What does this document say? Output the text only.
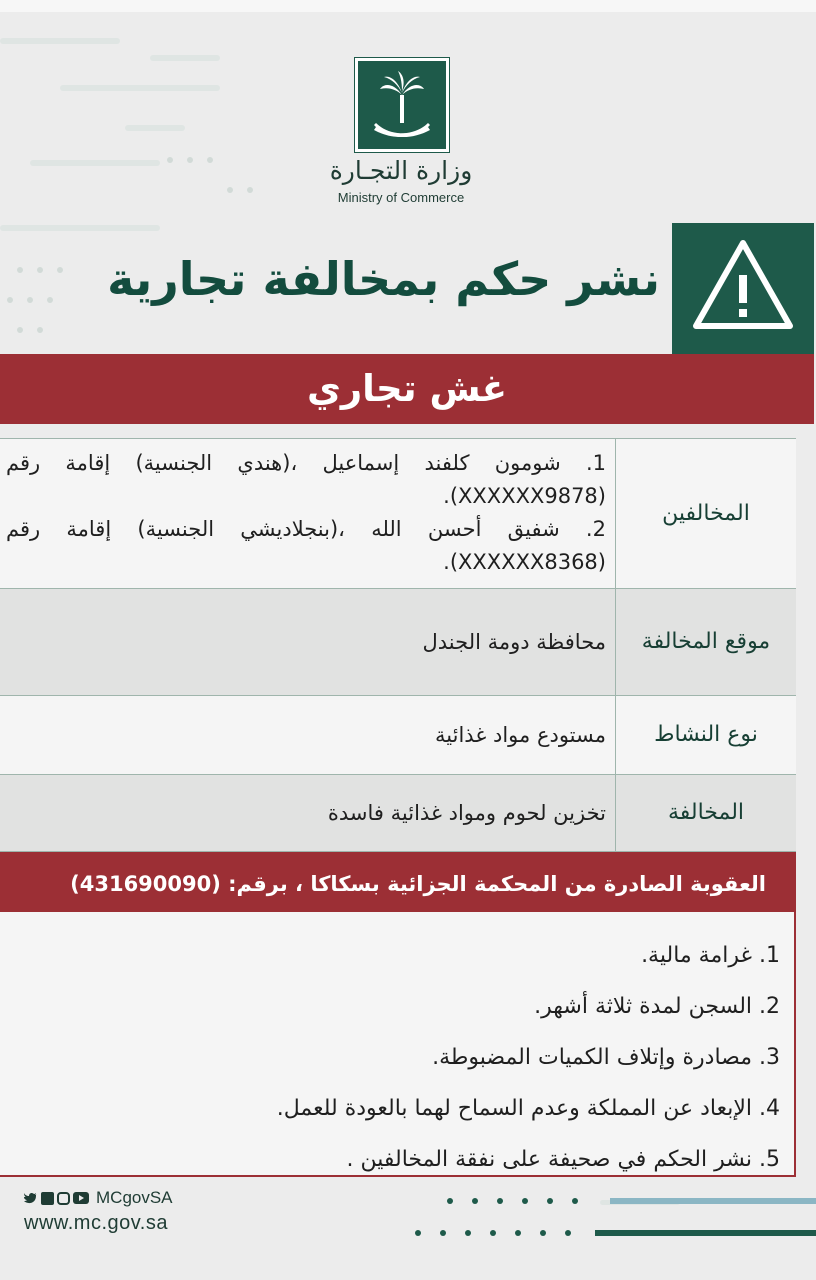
وزارة التجـارة
Ministry of Commerce
نشر حكم بمخالفة تجارية
غش تجاري
المخالفين
1. شومون كلفند إسماعيل ،(هندي الجنسية) إقامة رقم (XXXXXX9878).
2. شفيق أحسن الله ،(بنجلاديشي الجنسية) إقامة رقم (XXXXXX8368).
موقع المخالفة
محافظة دومة الجندل
نوع النشاط
مستودع مواد غذائية
المخالفة
تخزين لحوم ومواد غذائية فاسدة
العقوبة الصادرة من المحكمة الجزائية بسكاكا ، برقم: (431690090)
1. غرامة مالية.
2. السجن لمدة ثلاثة أشهر.
3. مصادرة وإتلاف الكميات المضبوطة.
4. الإبعاد عن المملكة وعدم السماح لهما بالعودة للعمل.
5. نشر الحكم في صحيفة على نفقة المخالفين .
MCgovSA
www.mc.gov.sa
